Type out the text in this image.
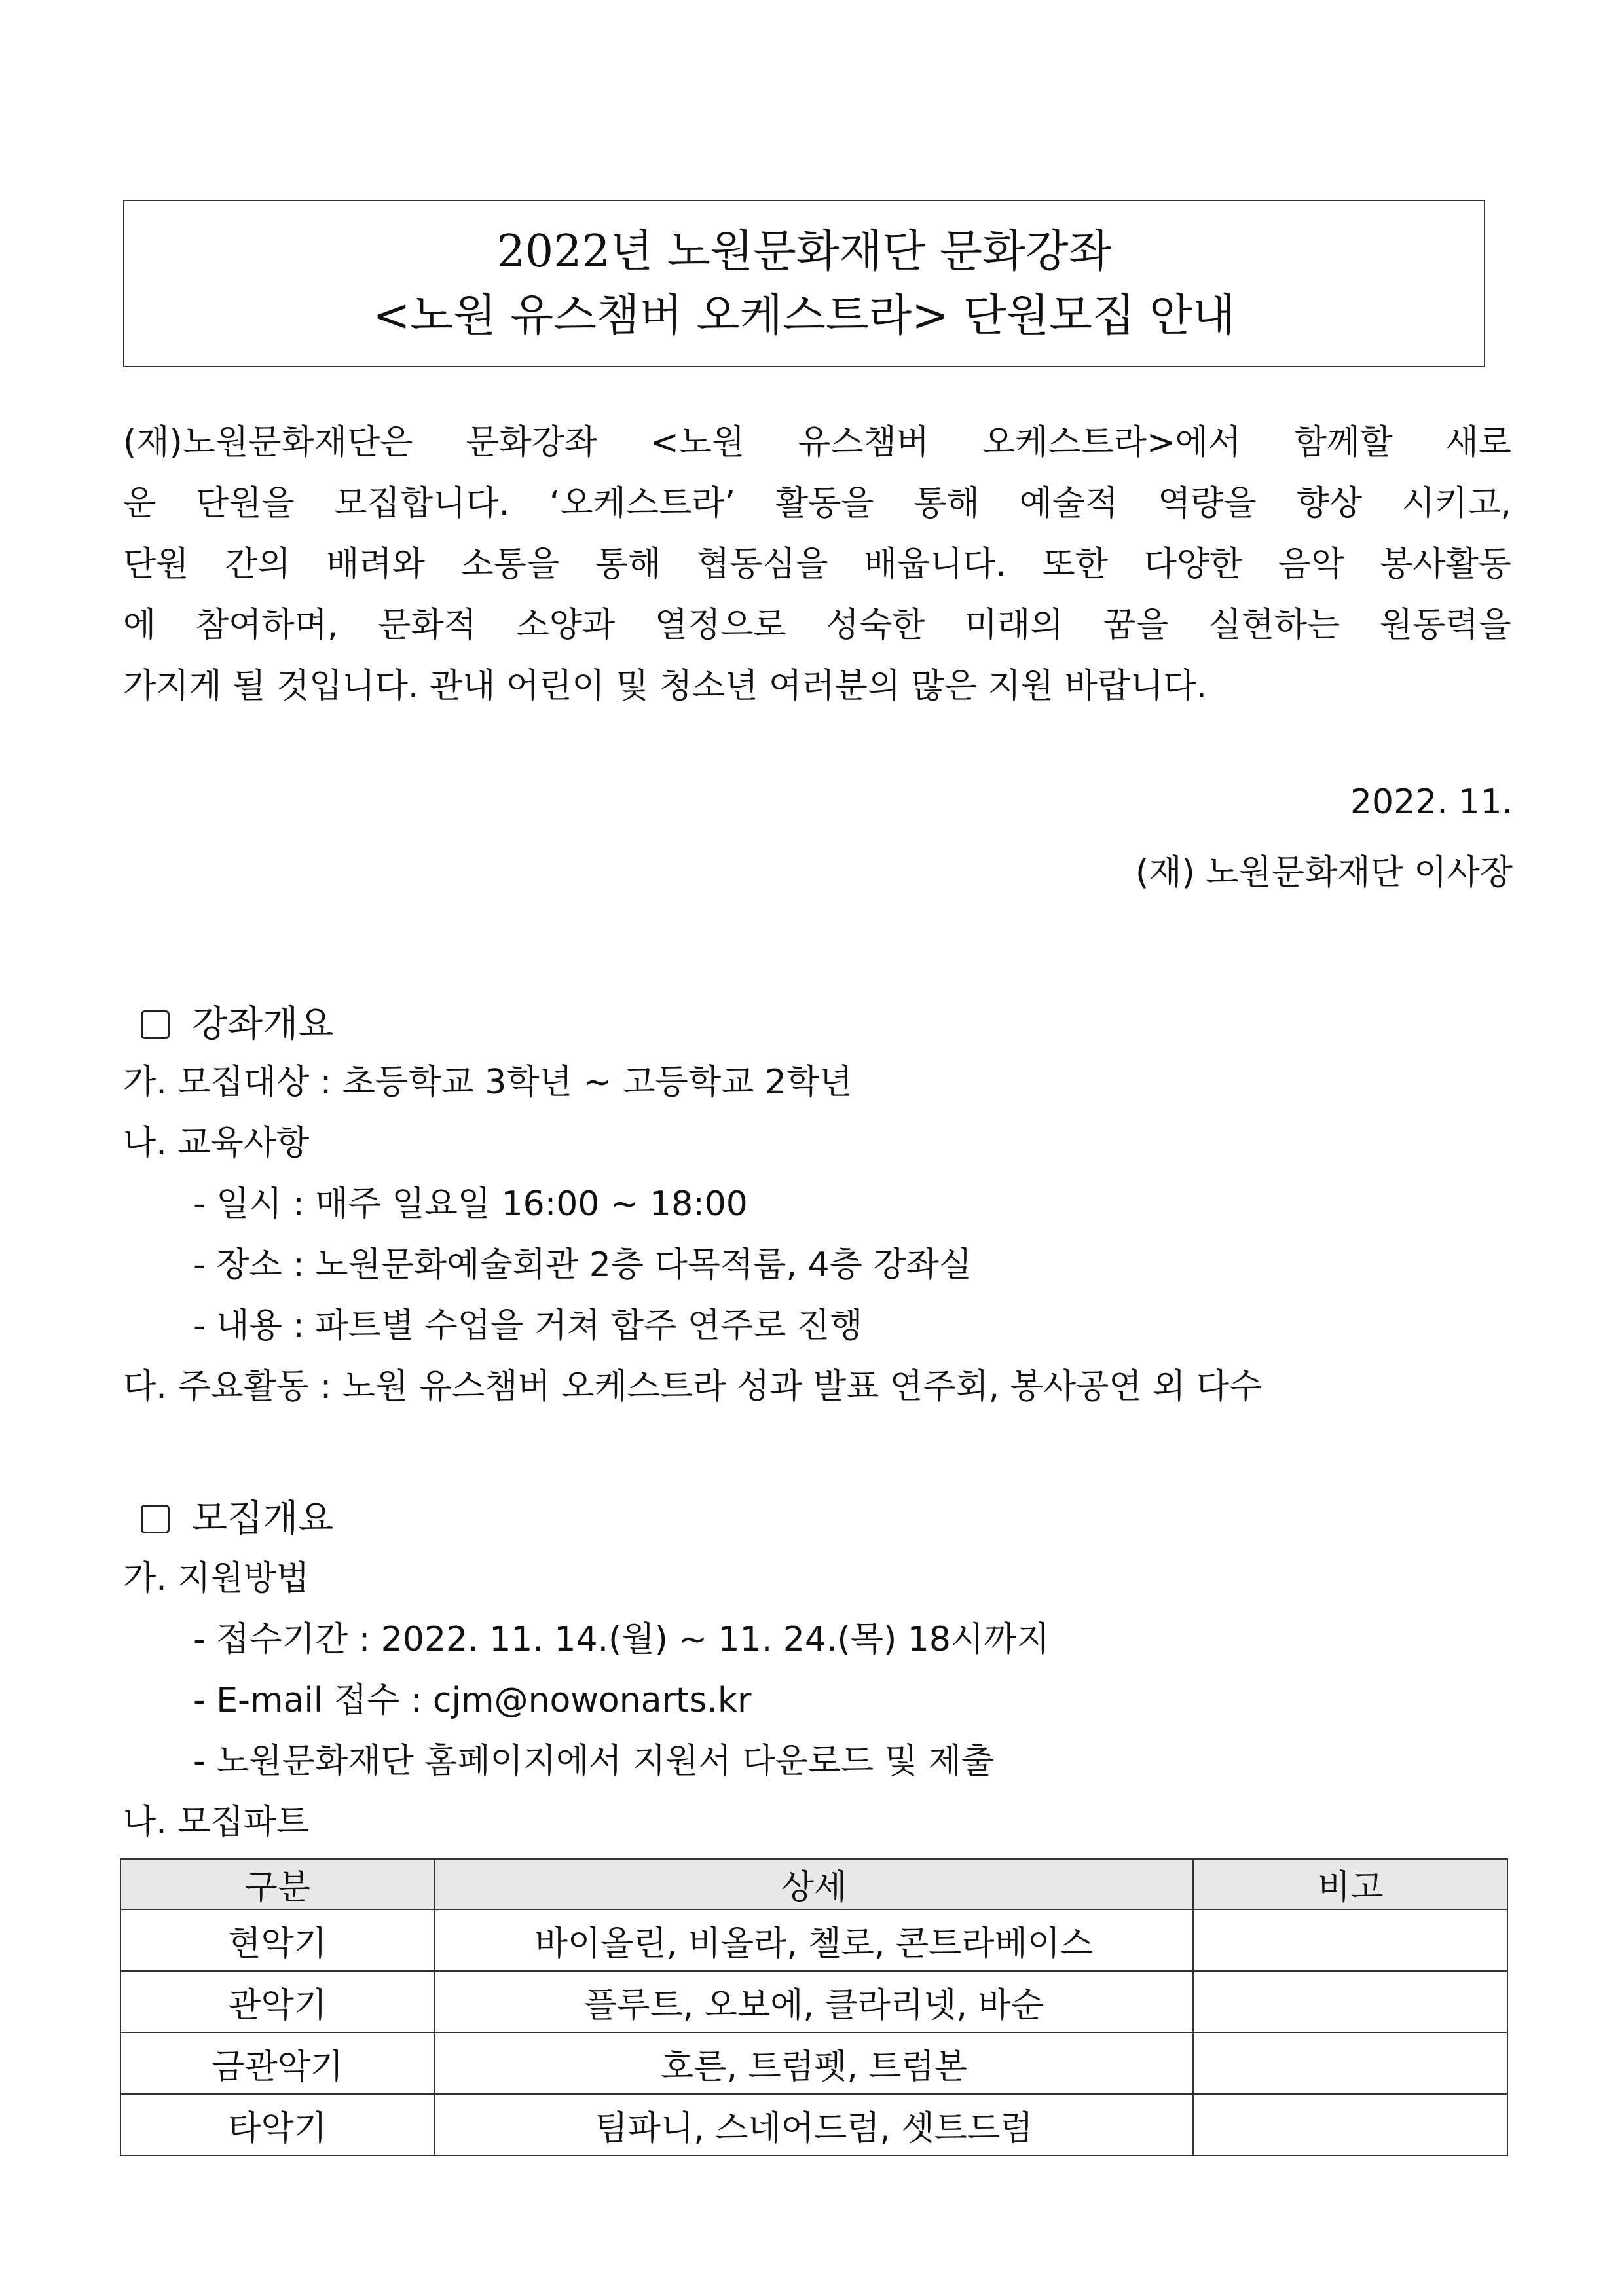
2022년 노원문화재단 문화강좌
<노원 유스챔버 오케스트라> 단원모집 안내
(재)노원문화재단은 문화강좌 <노원 유스챔버 오케스트라>에서 함께할 새로
운 단원을 모집합니다. ‘오케스트라’ 활동을 통해 예술적 역량을 향상 시키고,
단원 간의 배려와 소통을 통해 협동심을 배웁니다. 또한 다양한 음악 봉사활동
에 참여하며, 문화적 소양과 열정으로 성숙한 미래의 꿈을 실현하는 원동력을
가지게 될 것입니다. 관내 어린이 및 청소년 여러분의 많은 지원 바랍니다.
2022. 11.
(재) 노원문화재단 이사장
강좌개요
가. 모집대상 : 초등학교 3학년 ~ 고등학교 2학년
나. 교육사항
- 일시 : 매주 일요일 16:00 ~ 18:00
- 장소 : 노원문화예술회관 2층 다목적룸, 4층 강좌실
- 내용 : 파트별 수업을 거쳐 합주 연주로 진행
다. 주요활동 : 노원 유스챔버 오케스트라 성과 발표 연주회, 봉사공연 외 다수
모집개요
가. 지원방법
- 접수기간 : 2022. 11. 14.(월) ~ 11. 24.(목) 18시까지
- E-mail 접수 : cjm@nowonarts.kr
- 노원문화재단 홈페이지에서 지원서 다운로드 및 제출
나. 모집파트
구분	상세	비고
현악기	바이올린, 비올라, 첼로, 콘트라베이스	
관악기	플루트, 오보에, 클라리넷, 바순	
금관악기	호른, 트럼펫, 트럼본	
타악기	팀파니, 스네어드럼, 셋트드럼	
